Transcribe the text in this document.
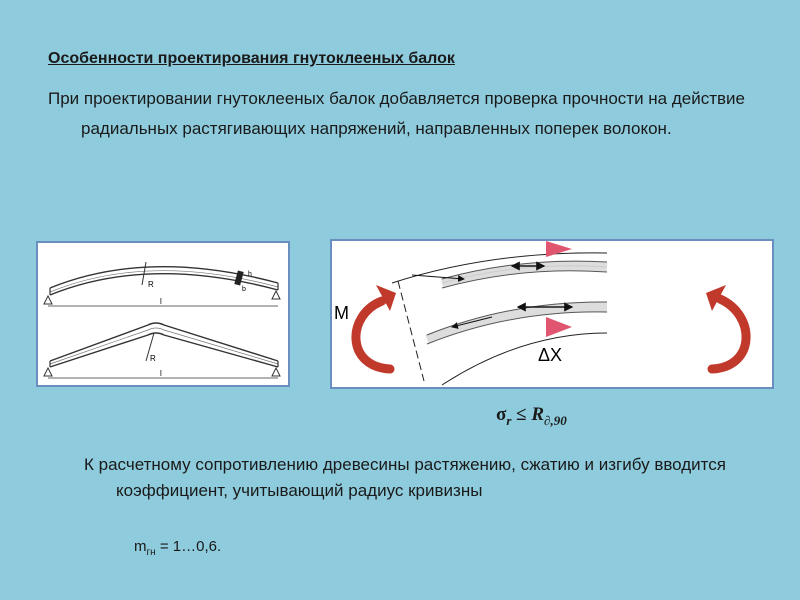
Особенности проектирования гнутоклееных балок
При проектировании гнутоклееных балок добавляется проверка прочности на действие радиальных растягивающих напряжений, направленных поперек волокон.
h
b
R
l
R
l
M
ΔX
$\sigma_r \le R_{\partial,90}$
К расчетному сопротивлению древесины растяжению, сжатию и изгибу вводится коэффициент, учитывающий радиус кривизны
$m_{гн}$ = 1…0,6.
